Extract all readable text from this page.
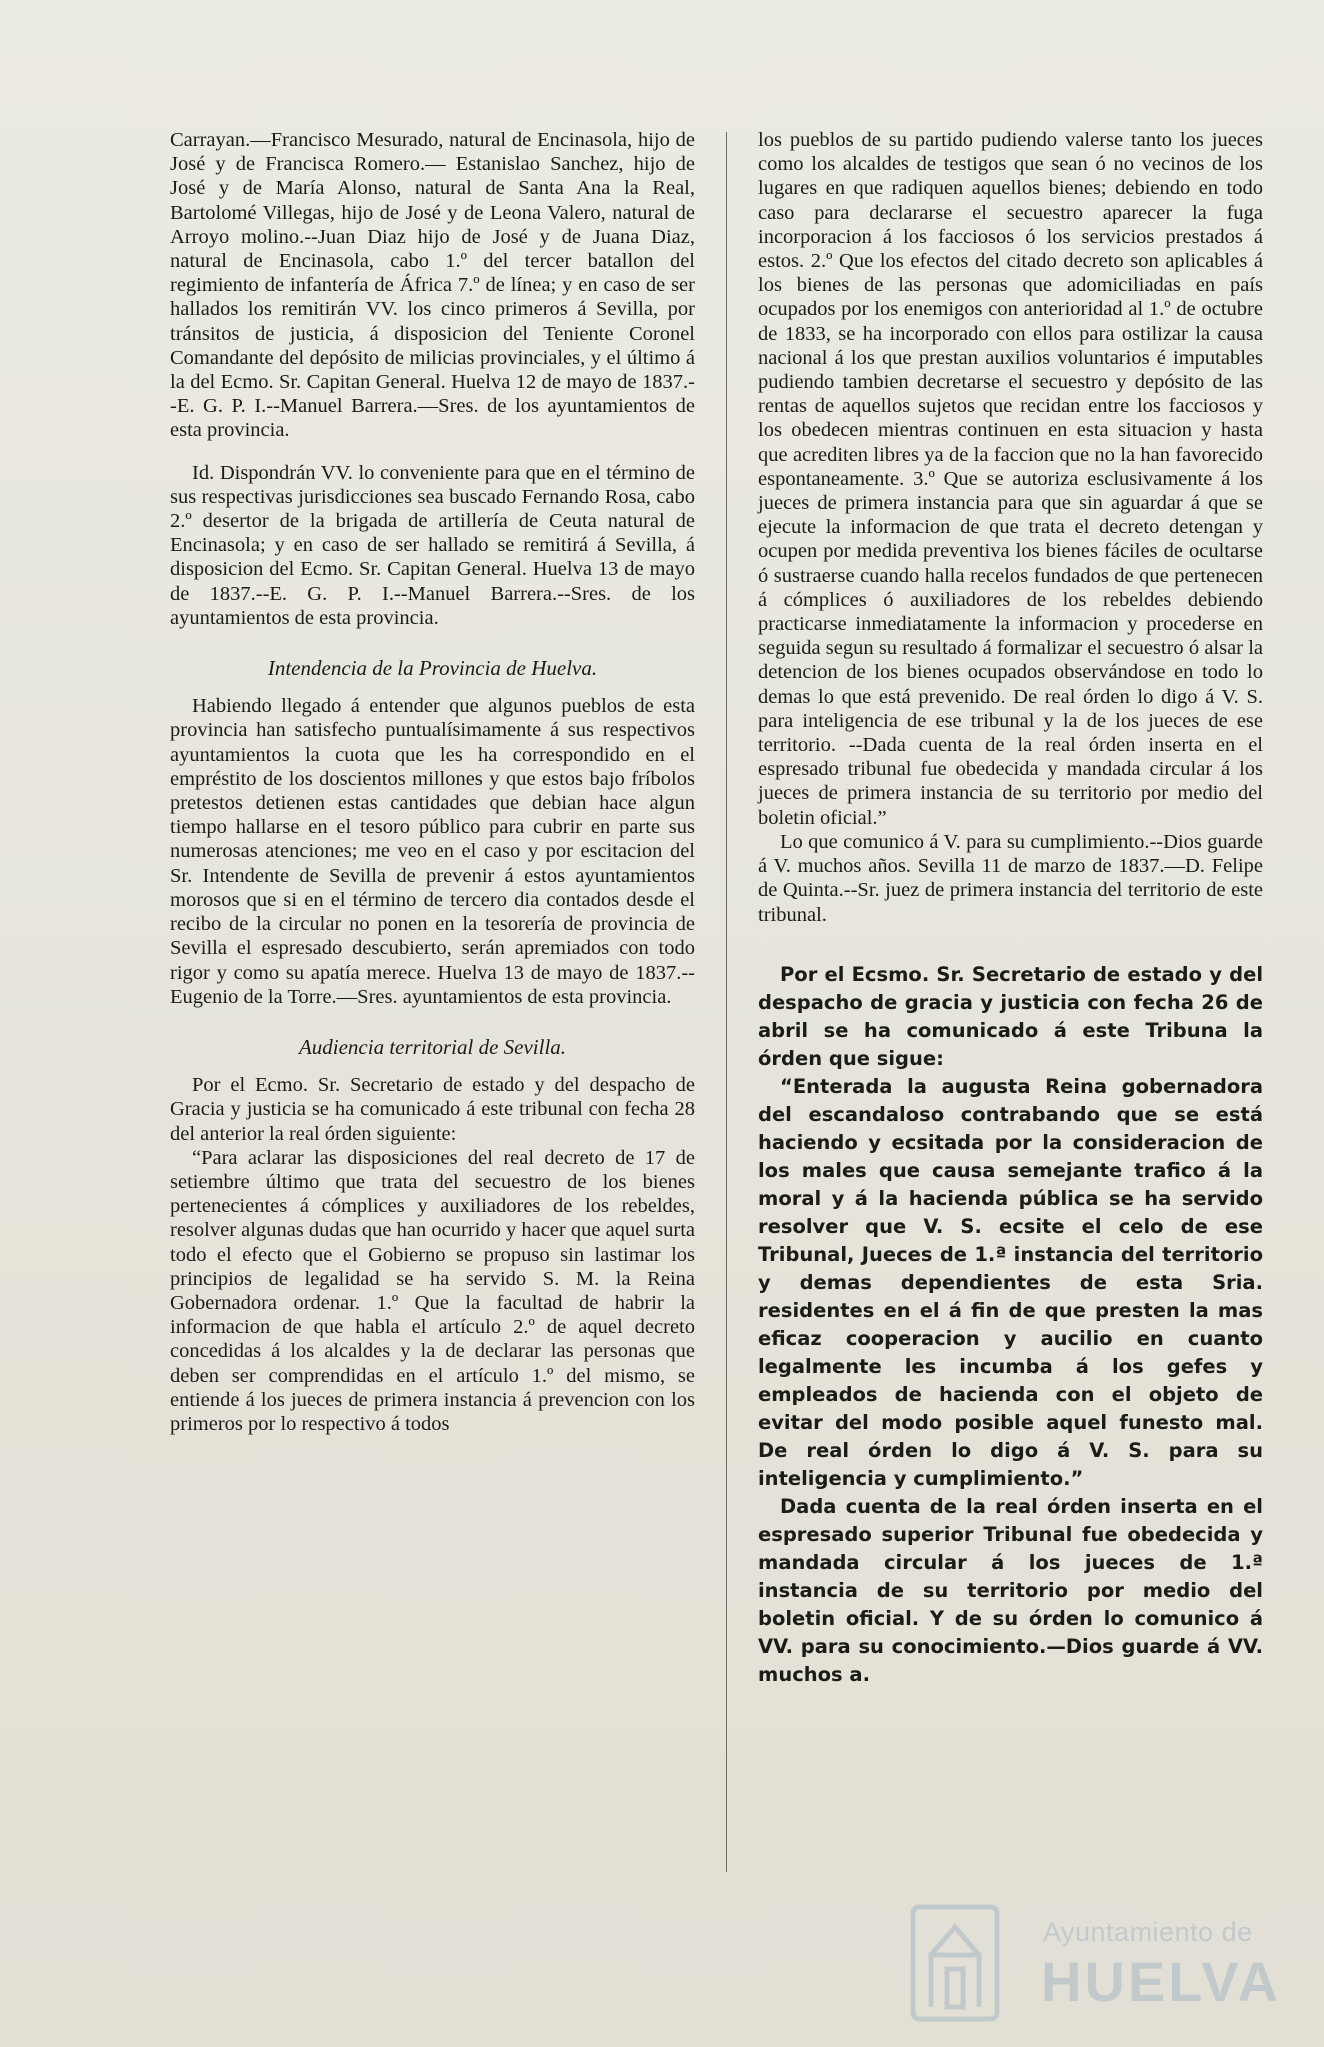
Carrayan.—Francisco Mesurado, natural de Encinasola, hijo de José y de Francisca Romero.— Estanislao Sanchez, hijo de José y de María Alonso, natural de Santa Ana la Real, Bartolomé Villegas, hijo de José y de Leona Valero, natural de Arroyo molino.--Juan Diaz hijo de José y de Juana Diaz, natural de Encinasola, cabo 1.º del tercer batallon del regimiento de infantería de África 7.º de línea; y en caso de ser hallados los remitirán VV. los cinco primeros á Sevilla, por tránsitos de justicia, á disposicion del Teniente Coronel Comandante del depósito de milicias provinciales, y el último á la del Ecmo. Sr. Capitan General. Huelva 12 de mayo de 1837.--E. G. P. I.--Manuel Barrera.—Sres. de los ayuntamientos de esta provincia.

Id. Dispondrán VV. lo conveniente para que en el término de sus respectivas jurisdicciones sea buscado Fernando Rosa, cabo 2.º desertor de la brigada de artillería de Ceuta natural de Encinasola; y en caso de ser hallado se remitirá á Sevilla, á disposicion del Ecmo. Sr. Capitan General. Huelva 13 de mayo de 1837.--E. G. P. I.--Manuel Barrera.--Sres. de los ayuntamientos de esta provincia.

Intendencia de la Provincia de Huelva.

Habiendo llegado á entender que algunos pueblos de esta provincia han satisfecho puntualísimamente á sus respectivos ayuntamientos la cuota que les ha correspondido en el empréstito de los doscientos millones y que estos bajo fríbolos pretestos detienen estas cantidades que debian hace algun tiempo hallarse en el tesoro público para cubrir en parte sus numerosas atenciones; me veo en el caso y por escitacion del Sr. Intendente de Sevilla de prevenir á estos ayuntamientos morosos que si en el término de tercero dia contados desde el recibo de la circular no ponen en la tesorería de provincia de Sevilla el espresado descubierto, serán apremiados con todo rigor y como su apatía merece. Huelva 13 de mayo de 1837.--Eugenio de la Torre.—Sres. ayuntamientos de esta provincia.

Audiencia territorial de Sevilla.

Por el Ecmo. Sr. Secretario de estado y del despacho de Gracia y justicia se ha comunicado á este tribunal con fecha 28 del anterior la real órden siguiente:

“Para aclarar las disposiciones del real decreto de 17 de setiembre último que trata del secuestro de los bienes pertenecientes á cómplices y auxiliadores de los rebeldes, resolver algunas dudas que han ocurrido y hacer que aquel surta todo el efecto que el Gobierno se propuso sin lastimar los principios de legalidad se ha servido S. M. la Reina Gobernadora ordenar. 1.º Que la facultad de habrir la informacion de que habla el artículo 2.º de aquel decreto concedidas á los alcaldes y la de declarar las personas que deben ser comprendidas en el artículo 1.º del mismo, se entiende á los jueces de primera instancia á prevencion con los primeros por lo respectivo á todos

los pueblos de su partido pudiendo valerse tanto los jueces como los alcaldes de testigos que sean ó no vecinos de los lugares en que radiquen aquellos bienes; debiendo en todo caso para declararse el secuestro aparecer la fuga incorporacion á los facciosos ó los servicios prestados á estos. 2.º Que los efectos del citado decreto son aplicables á los bienes de las personas que adomiciliadas en país ocupados por los enemigos con anterioridad al 1.º de octubre de 1833, se ha incorporado con ellos para ostilizar la causa nacional á los que prestan auxilios voluntarios é imputables pudiendo tambien decretarse el secuestro y depósito de las rentas de aquellos sujetos que recidan entre los facciosos y los obedecen mientras continuen en esta situacion y hasta que acrediten libres ya de la faccion que no la han favorecido espontaneamente. 3.º Que se autoriza esclusivamente á los jueces de primera instancia para que sin aguardar á que se ejecute la informacion de que trata el decreto detengan y ocupen por medida preventiva los bienes fáciles de ocultarse ó sustraerse cuando halla recelos fundados de que pertenecen á cómplices ó auxiliadores de los rebeldes debiendo practicarse inmediatamente la informacion y procederse en seguida segun su resultado á formalizar el secuestro ó alsar la detencion de los bienes ocupados observándose en todo lo demas lo que está prevenido. De real órden lo digo á V. S. para inteligencia de ese tribunal y la de los jueces de ese territorio. --Dada cuenta de la real órden inserta en el espresado tribunal fue obedecida y mandada circular á los jueces de primera instancia de su territorio por medio del boletin oficial.”

Lo que comunico á V. para su cumplimiento.--Dios guarde á V. muchos años. Sevilla 11 de marzo de 1837.—D. Felipe de Quinta.--Sr. juez de primera instancia del territorio de este tribunal.

Por el Ecsmo. Sr. Secretario de estado y del despacho de gracia y justicia con fecha 26 de abril se ha comunicado á este Tribuna la órden que sigue:

“Enterada la augusta Reina gobernadora del escandaloso contrabando que se está haciendo y ecsitada por la consideracion de los males que causa semejante trafico á la moral y á la hacienda pública se ha servido resolver que V. S. ecsite el celo de ese Tribunal, Jueces de 1.ª instancia del territorio y demas dependientes de esta Sria. residentes en el á fin de que presten la mas eficaz cooperacion y aucilio en cuanto legalmente les incumba á los gefes y empleados de hacienda con el objeto de evitar del modo posible aquel funesto mal. De real órden lo digo á V. S. para su inteligencia y cumplimiento.”

Dada cuenta de la real órden inserta en el espresado superior Tribunal fue obedecida y mandada circular á los jueces de 1.ª instancia de su territorio por medio del boletin oficial. Y de su órden lo comunico á VV. para su conocimiento.—Dios guarde á VV. muchos a.

Ayuntamiento de
HUELVA
